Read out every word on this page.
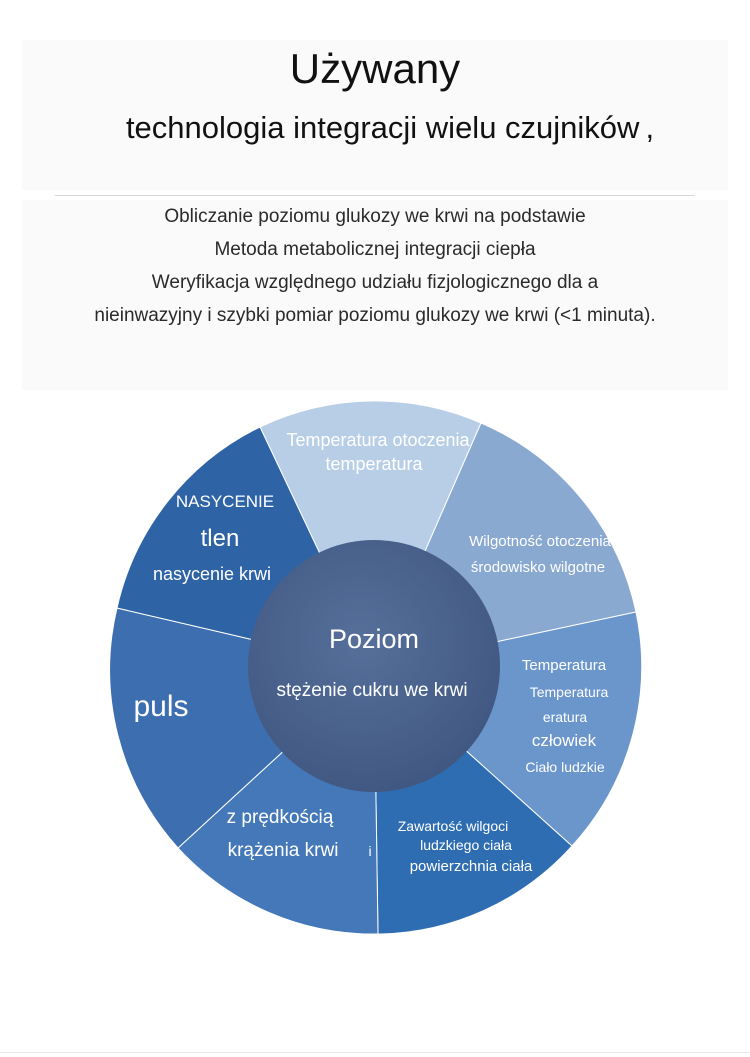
Używany
technologia integracji wielu czujników ,
Obliczanie poziomu glukozy we krwi na podstawie
Metoda metabolicznej integracji ciepła
Weryfikacja względnego udziału fizjologicznego dla a
nieinwazyjny i szybki pomiar poziomu glukozy we krwi (<1 minuta).
Temperatura otoczenia
temperatura
Wilgotność otoczenia
środowisko wilgotne
Temperatura
Temperatura
eratura
człowiek
Ciało ludzkie
Zawartość wilgoci
ludzkiego ciała
powierzchnia ciała
z prędkością
krążenia krwi i
puls
NASYCENIE
tlen
nasycenie krwi
Poziom
stężenie cukru we krwi
